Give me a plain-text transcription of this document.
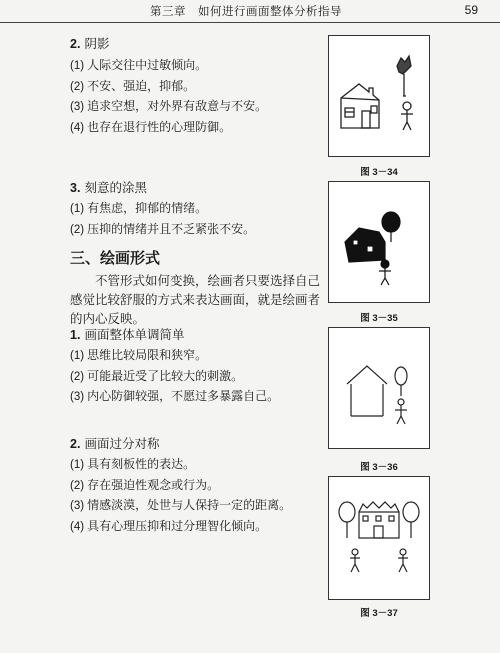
第三章　如何进行画面整体分析指导	59
2. 阴影
(1) 人际交往中过敏倾向。
(2) 不安、强迫，抑郁。
(3) 追求空想，对外界有敌意与不安。
(4) 也存在退行性的心理防御。
3. 刻意的涂黑
(1) 有焦虑，抑郁的情绪。
(2) 压抑的情绪并且不乏紧张不安。
三、绘画形式
不管形式如何变换，绘画者只要选择自己感觉比较舒服的方式来表达画面，就是绘画者的内心反映。
1. 画面整体单调简单
(1) 思维比较局限和狭窄。
(2) 可能最近受了比较大的刺激。
(3) 内心防御较强，不愿过多暴露自己。
2. 画面过分对称
(1) 具有刻板性的表达。
(2) 存在强迫性观念或行为。
(3) 情感淡漠，处世与人保持一定的距离。
(4) 具有心理压抑和过分理智化倾向。
图 3－34
图 3－35
图 3－36
图 3－37
